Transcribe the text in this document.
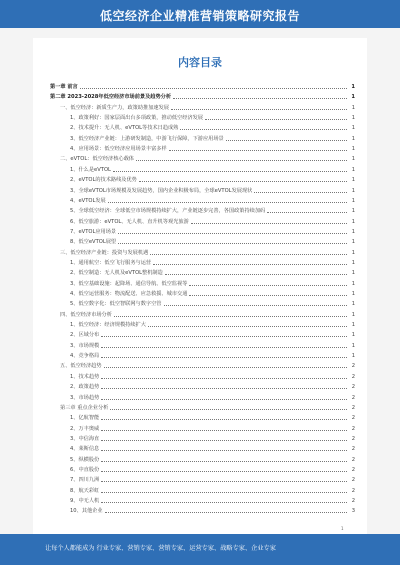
低空经济企业精准营销策略研究报告
内容目录
第一章 前言	1
第二章 2023-2028年低空经济市场前景及趋势分析	1
一、低空经济：新质生产力，政策助推加速发展	1
1、政策利好：国家层面出台多项政策，推动低空经济发展	1
2、技术提升：无人机、eVTOL等技术日趋成熟	1
3、低空经济产业链：上游研发制造，中游飞行保障，下游应用场景	1
4、应用场景：低空经济应用场景丰富多样	1
二、eVTOL：低空经济核心载体	1
1、什么是eVTOL	1
2、eVTOL的技术路线及优势	1
3、全球eVTOL市场规模及发展趋势，国内企业积极布局，全球eVTOL发展现状	1
4、eVTOL发展	1
5、全球低空经济：全球低空市场规模持续扩大，产业链逐步完善，各国政策持续加码	1
6、低空旅游：eVTOL、无人机、直升机等观光旅游	1
7、eVTOL应用场景	1
8、低空eVTOL展望	1
三、低空经济产业链：投资与发展机遇	1
1、通用航空：低空飞行服务与运营	1
2、低空制造：无人机及eVTOL整机制造	1
3、低空基础设施：起降场、通信导航、低空监视等	1
4、低空运营服务：物流配送、应急救援、城市交通	1
5、低空数字化：低空智联网与数字空管	1
四、低空经济市场分析	1
1、低空经济：经济规模持续扩大	1
2、区域分布	1
3、市场规模	1
4、竞争格局	1
五、低空经济趋势	2
1、技术趋势	2
2、政策趋势	2
3、市场趋势	2
第三章 重点企业分析	2
1、亿航智能	2
2、万丰奥威	2
3、中信海直	2
4、莱斯信息	2
5、纵横股份	2
6、中直股份	2
7、四川九洲	2
8、航天彩虹	2
9、中无人机	2
10、其他企业	3
1
让每个人都能成为 行业专家、营销专家、营销专家、运营专家、战略专家、企业专家
